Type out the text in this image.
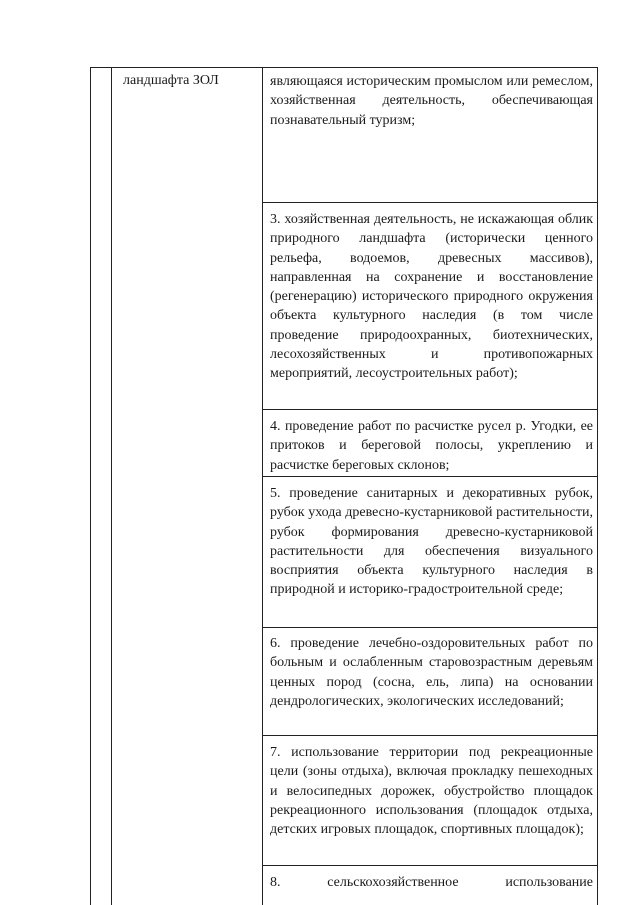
ландшафта ЗОЛ	являющаяся историческим промыслом или ремеслом, хозяйственная деятельность, обеспечивающая познавательный туризм;
3. хозяйственная деятельность, не искажающая облик природного ландшафта (исторически ценного рельефа, водоемов, древесных массивов), направленная на сохранение и восстановление (регенерацию) исторического природного окружения объекта культурного наследия (в том числе проведение природоохранных, биотехнических, лесохозяйственных и противопожарных мероприятий, лесоустроительных работ);
4. проведение работ по расчистке русел р. Угодки, ее притоков и береговой полосы, укреплению и расчистке береговых склонов;
5. проведение санитарных и декоративных рубок, рубок ухода древесно-кустарниковой растительности, рубок формирования древесно-кустарниковой растительности для обеспечения визуального восприятия объекта культурного наследия в природной и историко-градостроительной среде;
6. проведение лечебно-оздоровительных работ по больным и ослабленным старовозрастным деревьям ценных пород (сосна, ель, липа) на основании дендрологических, экологических исследований;
7. использование территории под рекреационные цели (зоны отдыха), включая прокладку пешеходных и велосипедных дорожек, обустройство площадок рекреационного использования (площадок отдыха, детских игровых площадок, спортивных площадок);
8. сельскохозяйственное использование
